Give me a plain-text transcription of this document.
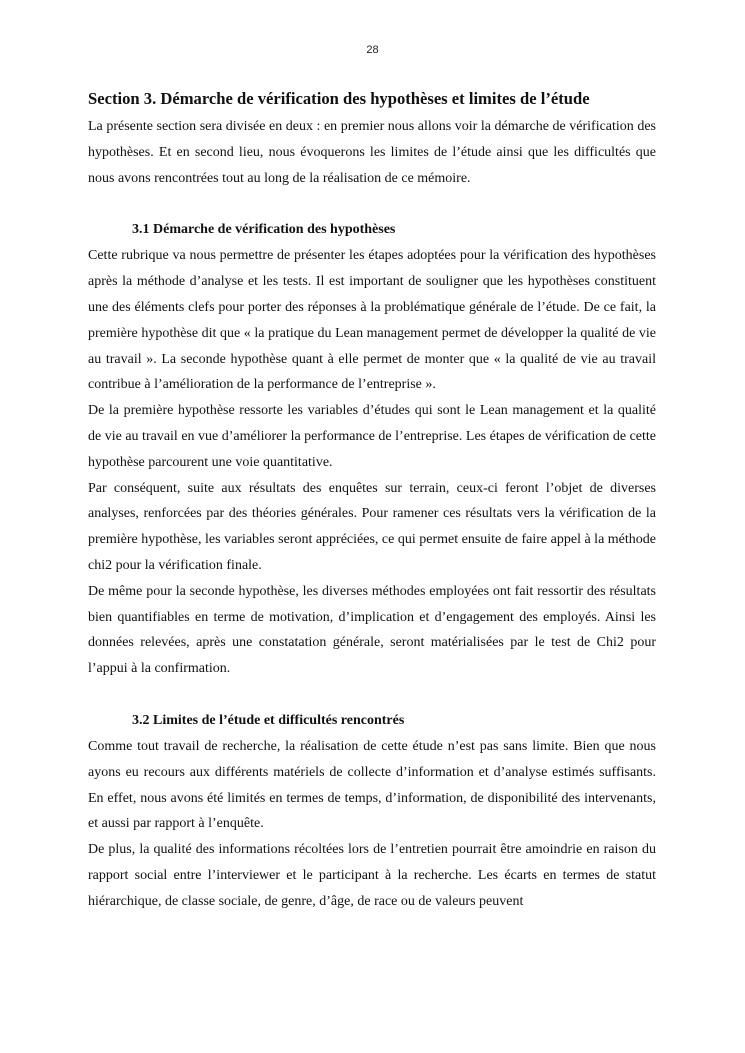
28
Section 3. Démarche de vérification des hypothèses et limites de l’étude

La présente section sera divisée en deux : en premier nous allons voir la démarche de vérification des hypothèses. Et en second lieu, nous évoquerons les limites de l’étude ainsi que les difficultés que nous avons rencontrées tout au long de la réalisation de ce mémoire.

3.1 Démarche de vérification des hypothèses

Cette rubrique va nous permettre de présenter les étapes adoptées pour la vérification des hypothèses après la méthode d’analyse et les tests. Il est important de souligner que les hypothèses constituent une des éléments clefs pour porter des réponses à la problématique générale de l’étude. De ce fait, la première hypothèse dit que « la pratique du Lean management permet de développer la qualité de vie au travail ». La seconde hypothèse quant à elle permet de monter que « la qualité de vie au travail contribue à l’amélioration de la performance de l’entreprise ».

De la première hypothèse ressorte les variables d’études qui sont le Lean management et la qualité de vie au travail en vue d’améliorer la performance de l’entreprise. Les étapes de vérification de cette hypothèse parcourent une voie quantitative.

Par conséquent, suite aux résultats des enquêtes sur terrain, ceux-ci feront l’objet de diverses analyses, renforcées par des théories générales. Pour ramener ces résultats vers la vérification de la première hypothèse, les variables seront appréciées, ce qui permet ensuite de faire appel à la méthode chi2 pour la vérification finale.

De même pour la seconde hypothèse, les diverses méthodes employées ont fait ressortir des résultats bien quantifiables en terme de motivation, d’implication et d’engagement des employés. Ainsi les données relevées, après une constatation générale, seront matérialisées par le test de Chi2 pour l’appui à la confirmation.

3.2 Limites de l’étude et difficultés rencontrés

Comme tout travail de recherche, la réalisation de cette étude n’est pas sans limite. Bien que nous ayons eu recours aux différents matériels de collecte d’information et d’analyse estimés suffisants. En effet, nous avons été limités en termes de temps, d’information, de disponibilité des intervenants, et aussi par rapport à l’enquête.

De plus, la qualité des informations récoltées lors de l’entretien pourrait être amoindrie en raison du rapport social entre l’interviewer et le participant à la recherche. Les écarts en termes de statut hiérarchique, de classe sociale, de genre, d’âge, de race ou de valeurs peuvent
